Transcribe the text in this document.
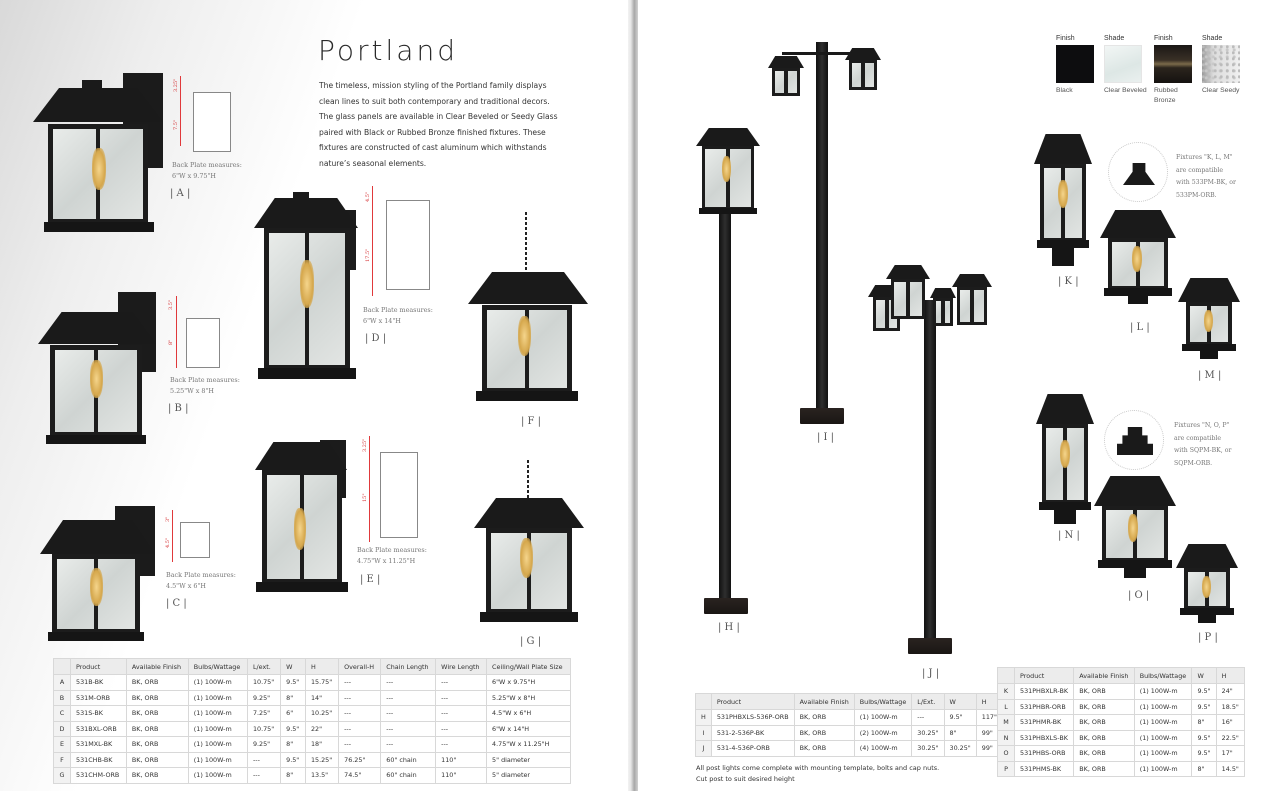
Portland
The timeless, mission styling of the Portland family displays clean lines to suit both contemporary and traditional decors. The glass panels are available in Clear Beveled or Seedy Glass paired with Black or Rubbed Bronze finished fixtures. These fixtures are constructed of cast aluminum which withstands nature’s seasonal elements.
3.25"
7.5"
Back Plate measures:
6"W x 9.75"H
| A |
3.5"
8"
Back Plate measures:
5.25"W x 8"H
| B |
3"
4.5"
Back Plate measures:
4.5"W x 6"H
| C |
4.5"
17.5"
Back Plate measures:
6"W x 14"H
| D |
3.25"
15"
Back Plate measures:
4.75"W x 11.25"H
| E |
| F |
| G |
	Product	Available Finish	Bulbs/Wattage	L/ext.	W	H	Overall-H	Chain Length	Wire Length	Ceiling/Wall Plate Size
A	531B-BK	BK, ORB	(1) 100W-m	10.75"	9.5"	15.75"	---	---	---	6"W x 9.75"H
B	531M-ORB	BK, ORB	(1) 100W-m	9.25"	8"	14"	---	---	---	5.25"W x 8"H
C	531S-BK	BK, ORB	(1) 100W-m	7.25"	6"	10.25"	---	---	---	4.5"W x 6"H
D	531BXL-ORB	BK, ORB	(1) 100W-m	10.75"	9.5"	22"	---	---	---	6"W x 14"H
E	531MXL-BK	BK, ORB	(1) 100W-m	9.25"	8"	18"	---	---	---	4.75"W x 11.25"H
F	531CHB-BK	BK, ORB	(1) 100W-m	---	9.5"	15.25"	76.25"	60" chain	110"	5" diameter
G	531CHM-ORB	BK, ORB	(1) 100W-m	---	8"	13.5"	74.5"	60" chain	110"	5" diameter
Finish
Black
Shade
Clear Beveled
Finish
Rubbed Bronze
Shade
Clear Seedy
| H |
| I |
| J |
| K |
Fixtures "K, L, M"
are compatible
with 533PM-BK, or
533PM-ORB.
| L |
| M |
| N |
Fixtures "N, O, P"
are compatible
with SQPM-BK, or
SQPM-ORB.
| O |
| P |
	Product	Available Finish	Bulbs/Wattage	L/Ext.	W	H
H	531PHBXLS-536P-ORB	BK, ORB	(1) 100W-m	---	9.5"	117"
I	531-2-536P-BK	BK, ORB	(2) 100W-m	30.25"	8"	99"
J	531-4-536P-ORB	BK, ORB	(4) 100W-m	30.25"	30.25"	99"
All post lights come complete with mounting template, bolts and cap nuts.
Cut post to suit desired height
	Product	Available Finish	Bulbs/Wattage	W	H
K	531PHBXLR-BK	BK, ORB	(1) 100W-m	9.5"	24"
L	531PHBR-ORB	BK, ORB	(1) 100W-m	9.5"	18.5"
M	531PHMR-BK	BK, ORB	(1) 100W-m	8"	16"
N	531PHBXLS-BK	BK, ORB	(1) 100W-m	9.5"	22.5"
O	531PHBS-ORB	BK, ORB	(1) 100W-m	9.5"	17"
P	531PHMS-BK	BK, ORB	(1) 100W-m	8"	14.5"
